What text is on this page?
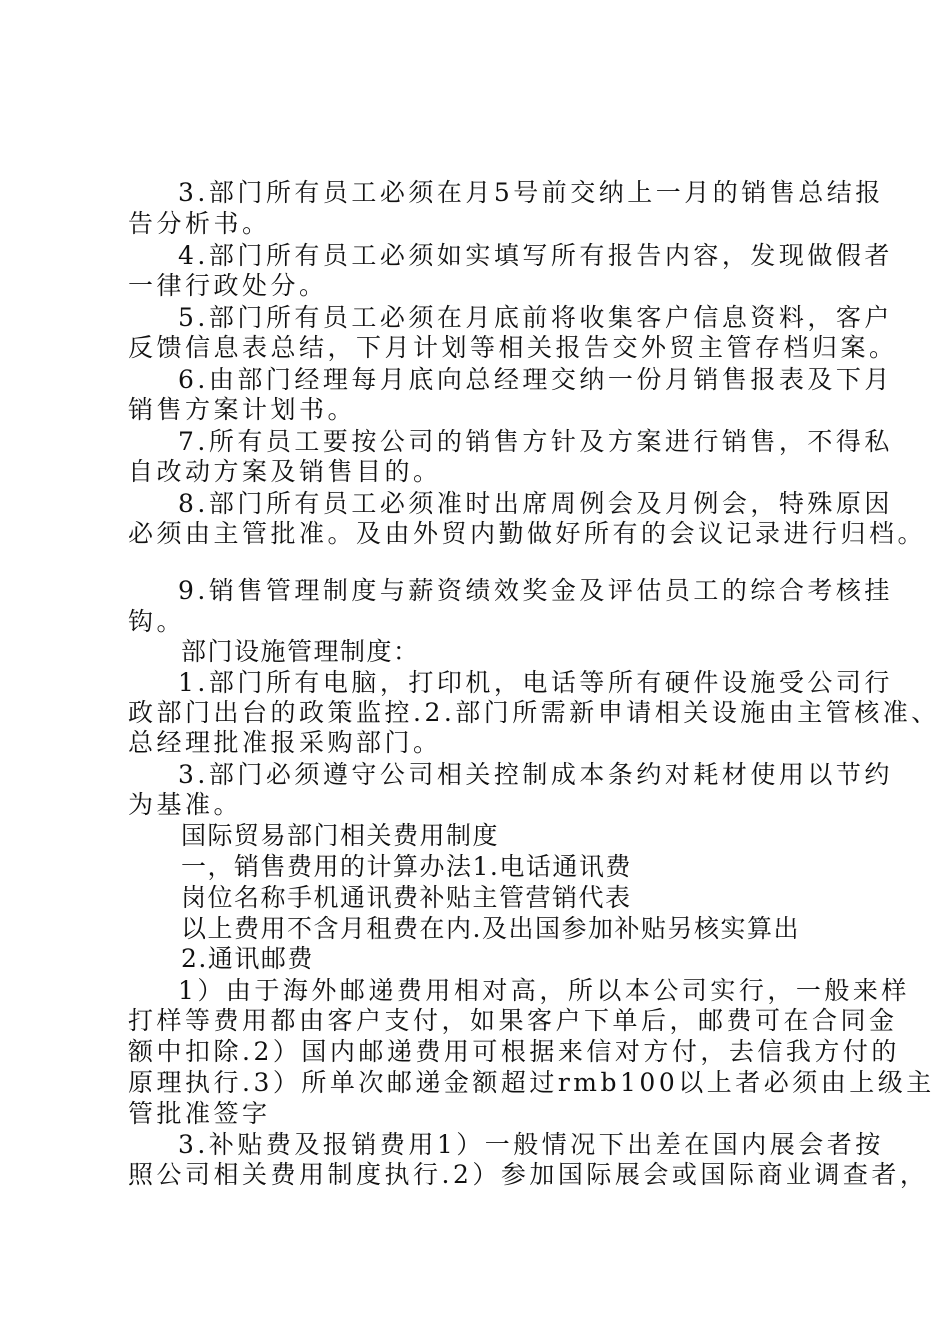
3.部门所有员工必须在月5号前交纳上一月的销售总结报
告分析书。
4.部门所有员工必须如实填写所有报告内容，发现做假者
一律行政处分。
5.部门所有员工必须在月底前将收集客户信息资料，客户
反馈信息表总结，下月计划等相关报告交外贸主管存档归案。
6.由部门经理每月底向总经理交纳一份月销售报表及下月
销售方案计划书。
7.所有员工要按公司的销售方针及方案进行销售，不得私
自改动方案及销售目的。
8.部门所有员工必须准时出席周例会及月例会，特殊原因
必须由主管批准。及由外贸内勤做好所有的会议记录进行归档。
9.销售管理制度与薪资绩效奖金及评估员工的综合考核挂
钩。
部门设施管理制度：
1.部门所有电脑，打印机，电话等所有硬件设施受公司行
政部门出台的政策监控.2.部门所需新申请相关设施由主管核准、
总经理批准报采购部门。
3.部门必须遵守公司相关控制成本条约对耗材使用以节约
为基准。
国际贸易部门相关费用制度
一，销售费用的计算办法1.电话通讯费
岗位名称手机通讯费补贴主管营销代表
以上费用不含月租费在内.及出国参加补贴另核实算出
2.通讯邮费
1）由于海外邮递费用相对高，所以本公司实行，一般来样
打样等费用都由客户支付，如果客户下单后，邮费可在合同金
额中扣除.2）国内邮递费用可根据来信对方付，去信我方付的
原理执行.3）所单次邮递金额超过rmb100以上者必须由上级主
管批准签字
3.补贴费及报销费用1）一般情况下出差在国内展会者按
照公司相关费用制度执行.2）参加国际展会或国际商业调查者，
